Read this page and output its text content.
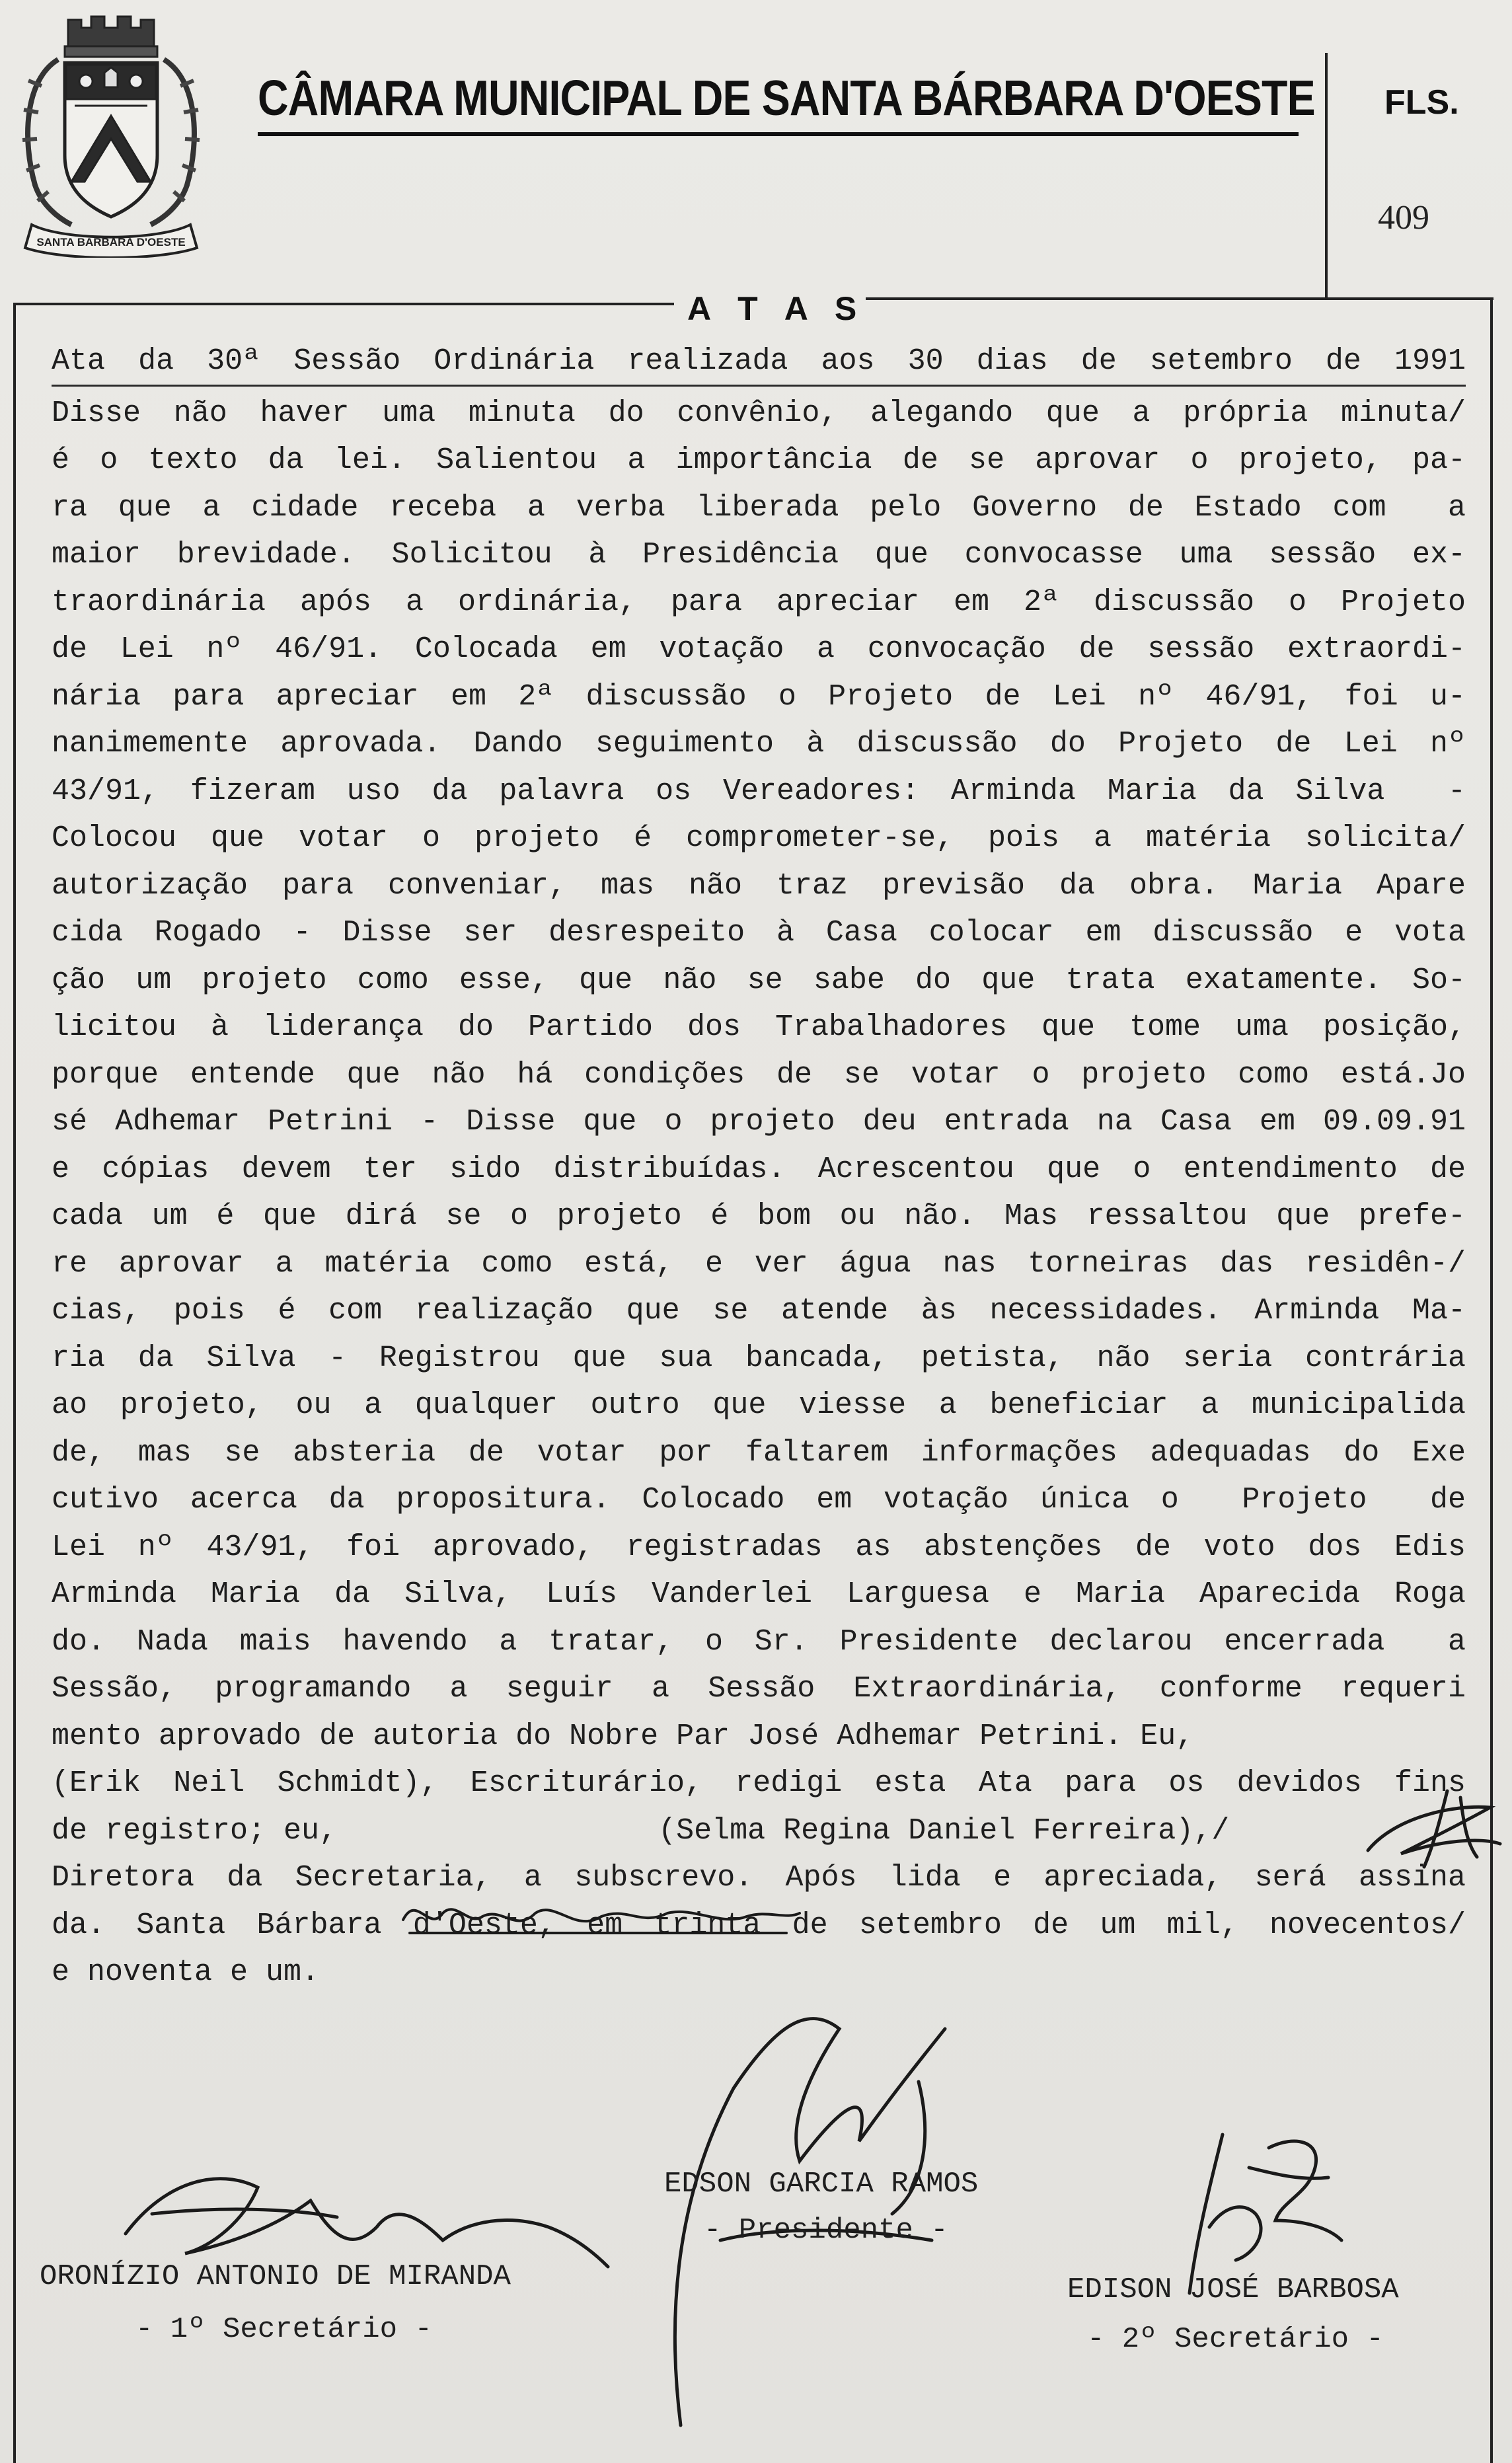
SANTA BÁRBARA D'OESTE
CÂMARA MUNICIPAL DE SANTA BÁRBARA D'OESTE FLS.
409
A T A S
Ata da 30ª Sessão Ordinária realizada aos 30 dias de setembro de 1991
Disse não haver uma minuta do convênio, alegando que a própria minuta/
é o texto da lei. Salientou a importância de se aprovar o projeto, pa-
ra que a cidade receba a verba liberada pelo Governo de Estado com  a
maior brevidade. Solicitou à Presidência que convocasse uma sessão ex-
traordinária após a ordinária, para apreciar em 2ª discussão o Projeto
de Lei nº 46/91. Colocada em votação a convocação de sessão extraordi-
nária para apreciar em 2ª discussão o Projeto de Lei nº 46/91, foi u-
nanimemente aprovada. Dando seguimento à discussão do Projeto de Lei nº
43/91, fizeram uso da palavra os Vereadores: Arminda Maria da Silva  -
Colocou que votar o projeto é comprometer-se, pois a matéria solicita/
autorização para conveniar, mas não traz previsão da obra. Maria Apare
cida Rogado - Disse ser desrespeito à Casa colocar em discussão e vota
ção um projeto como esse, que não se sabe do que trata exatamente. So-
licitou à liderança do Partido dos Trabalhadores que tome uma posição,
porque entende que não há condições de se votar o projeto como está.Jo
sé Adhemar Petrini - Disse que o projeto deu entrada na Casa em 09.09.91
e cópias devem ter sido distribuídas. Acrescentou que o entendimento de
cada um é que dirá se o projeto é bom ou não. Mas ressaltou que prefe-
re aprovar a matéria como está, e ver água nas torneiras das residên-/
cias, pois é com realização que se atende às necessidades. Arminda Ma-
ria da Silva - Registrou que sua bancada, petista, não seria contrária
ao projeto, ou a qualquer outro que viesse a beneficiar a municipalida
de, mas se absteria de votar por faltarem informações adequadas do Exe
cutivo acerca da propositura. Colocado em votação única o  Projeto  de
Lei nº 43/91, foi aprovado, registradas as abstenções de voto dos Edis
Arminda Maria da Silva, Luís Vanderlei Larguesa e Maria Aparecida Roga
do. Nada mais havendo a tratar, o Sr. Presidente declarou encerrada  a
Sessão, programando a seguir a Sessão Extraordinária, conforme requeri
mento aprovado de autoria do Nobre Par José Adhemar Petrini. Eu,
(Erik Neil Schmidt), Escriturário, redigi esta Ata para os devidos fins
de registro; eu,                  (Selma Regina Daniel Ferreira),/
Diretora da Secretaria, a subscrevo. Após lida e apreciada, será assina
da. Santa Bárbara d'Oeste, em trinta de setembro de um mil, novecentos/
e noventa e um.
EDSON GARCIA RAMOS
- Presidente -
ORONÍZIO ANTONIO DE MIRANDA
- 1º Secretário -
EDISON JOSÉ BARBOSA
- 2º Secretário -
